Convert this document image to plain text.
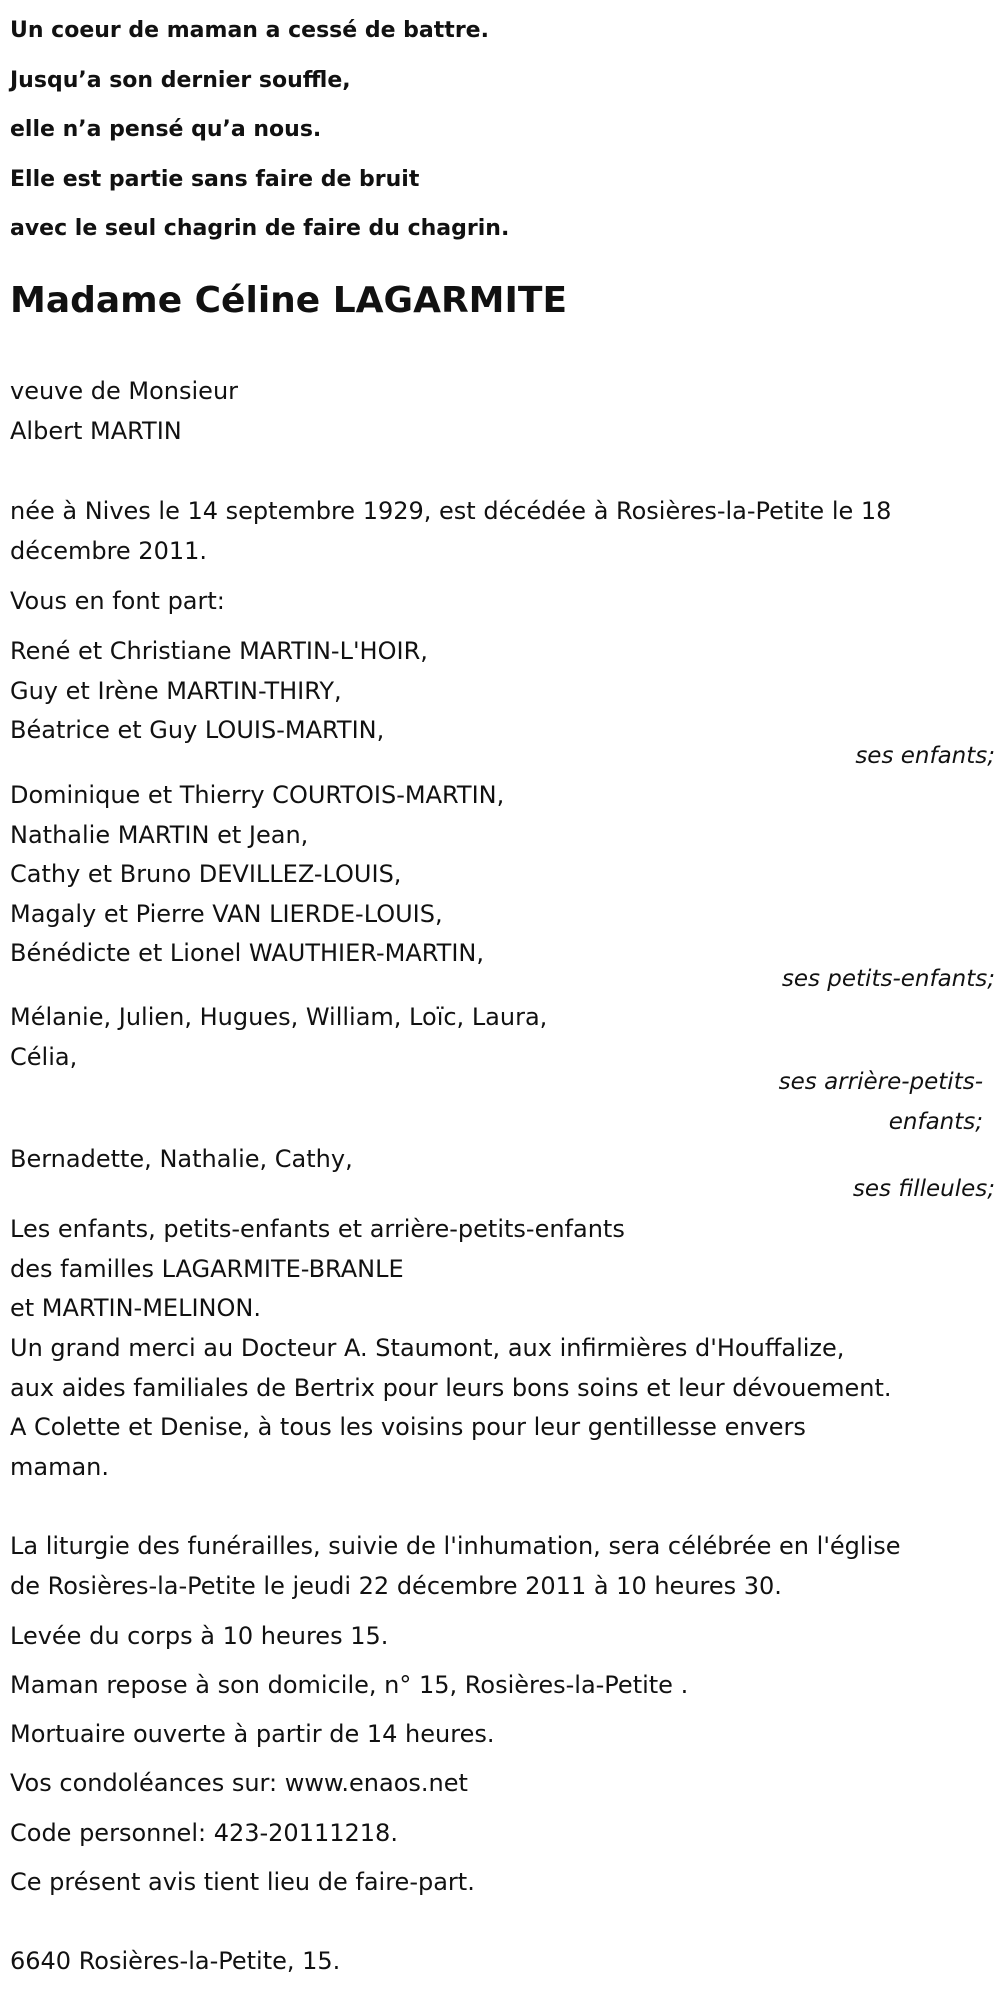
Un coeur de maman a cessé de battre.
Jusqu’a son dernier souffle,
elle n’a pensé qu’a nous.
Elle est partie sans faire de bruit
avec le seul chagrin de faire du chagrin.
Madame Céline LAGARMITE
veuve de Monsieur
Albert MARTIN
née à Nives le 14 septembre 1929, est décédée à Rosières-la-Petite le 18
décembre 2011.
Vous en font part:
René et Christiane MARTIN-L'HOIR,
Guy et Irène MARTIN-THIRY,
Béatrice et Guy LOUIS-MARTIN,
ses enfants;
Dominique et Thierry COURTOIS-MARTIN,
Nathalie MARTIN et Jean,
Cathy et Bruno DEVILLEZ-LOUIS,
Magaly et Pierre VAN LIERDE-LOUIS,
Bénédicte et Lionel WAUTHIER-MARTIN,
ses petits-enfants;
Mélanie, Julien, Hugues, William, Loïc, Laura,
Célia,
ses arrière-petits-
enfants;
Bernadette, Nathalie, Cathy,
ses filleules;
Les enfants, petits-enfants et arrière-petits-enfants
des familles LAGARMITE-BRANLE
et MARTIN-MELINON.
Un grand merci au Docteur A. Staumont, aux infirmières d'Houffalize,
aux aides familiales de Bertrix pour leurs bons soins et leur dévouement.
A Colette et Denise, à tous les voisins pour leur gentillesse envers
maman.
La liturgie des funérailles, suivie de l'inhumation, sera célébrée en l'église
de Rosières-la-Petite le jeudi 22 décembre 2011 à 10 heures 30.
Levée du corps à 10 heures 15.
Maman repose à son domicile, n° 15, Rosières-la-Petite .
Mortuaire ouverte à partir de 14 heures.
Vos condoléances sur: www.enaos.net
Code personnel: 423-20111218.
Ce présent avis tient lieu de faire-part.
6640 Rosières-la-Petite, 15.
